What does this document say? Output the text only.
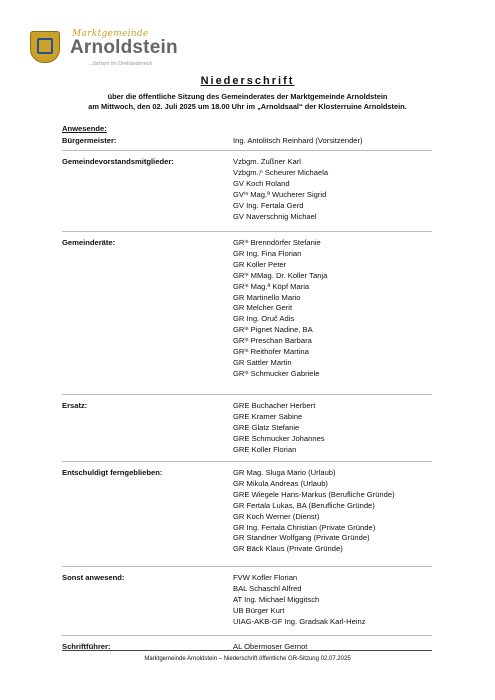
Marktgemeinde
Arnoldstein
...daham im Dreiländereck
Niederschrift
über die öffentliche Sitzung des Gemeinderates der Marktgemeinde Arnoldstein
am Mittwoch, den 02. Juli 2025 um 18.00 Uhr im „Arnoldsaal“ der Klosterruine Arnoldstein.
Anwesende:
Bürgermeister:	Ing. Antolitsch Reinhard (Vorsitzender)
Gemeindevorstandsmitglieder:	Vzbgm. Zußner Karl
Vzbgm.ᵢⁿ Scheurer Michaela
GV Koch Roland
GVⁱⁿ Mag.ª Wucherer Sigrid
GV Ing. Fertala Gerd
GV Naverschnig Michael
Gemeinderäte:	GRⁱⁿ Brenndörfer Stefanie
GR Ing. Fina Florian
GR Koller Peter
GRⁱⁿ MMag. Dr. Koller Tanja
GRⁱⁿ Mag.ª Köpf Maria
GR Martinello Mario
GR Melcher Gerit
GR Ing. Oruč Adis
GRⁱⁿ Pignet Nadine, BA
GRⁱⁿ Preschan Barbara
GRⁱⁿ Reithofer Martina
GR Sattler Martin
GRⁱⁿ Schmucker Gabriele
Ersatz:	GRE Buchacher Herbert
GRE Kramer Sabine
GRE Glatz Stefanie
GRE Schmucker Johannes
GRE Koller Florian
Entschuldigt ferngeblieben:	GR Mag. Sluga Mario (Urlaub)
GR Mikula Andreas (Urlaub)
GRE Wiegele Hans-Markus (Berufliche Gründe)
GR Fertala Lukas, BA (Berufliche Gründe)
GR Koch Werner (Dienst)
GR Ing. Fertala Christian (Private Gründe)
GR Standner Wolfgang (Private Gründe)
GR Bäck Klaus (Private Gründe)
Sonst anwesend:	FVW Kofler Florian
BAL Schaschl Alfred
AT Ing. Michael Miggitsch
UB Bürger Kurt
UIAG-AKB-GF Ing. Gradsak Karl-Heinz
Schriftführer:	AL Obermoser Gernot
Marktgemeinde Arnoldstein – Niederschrift öffentliche GR-Sitzung 02.07.2025
